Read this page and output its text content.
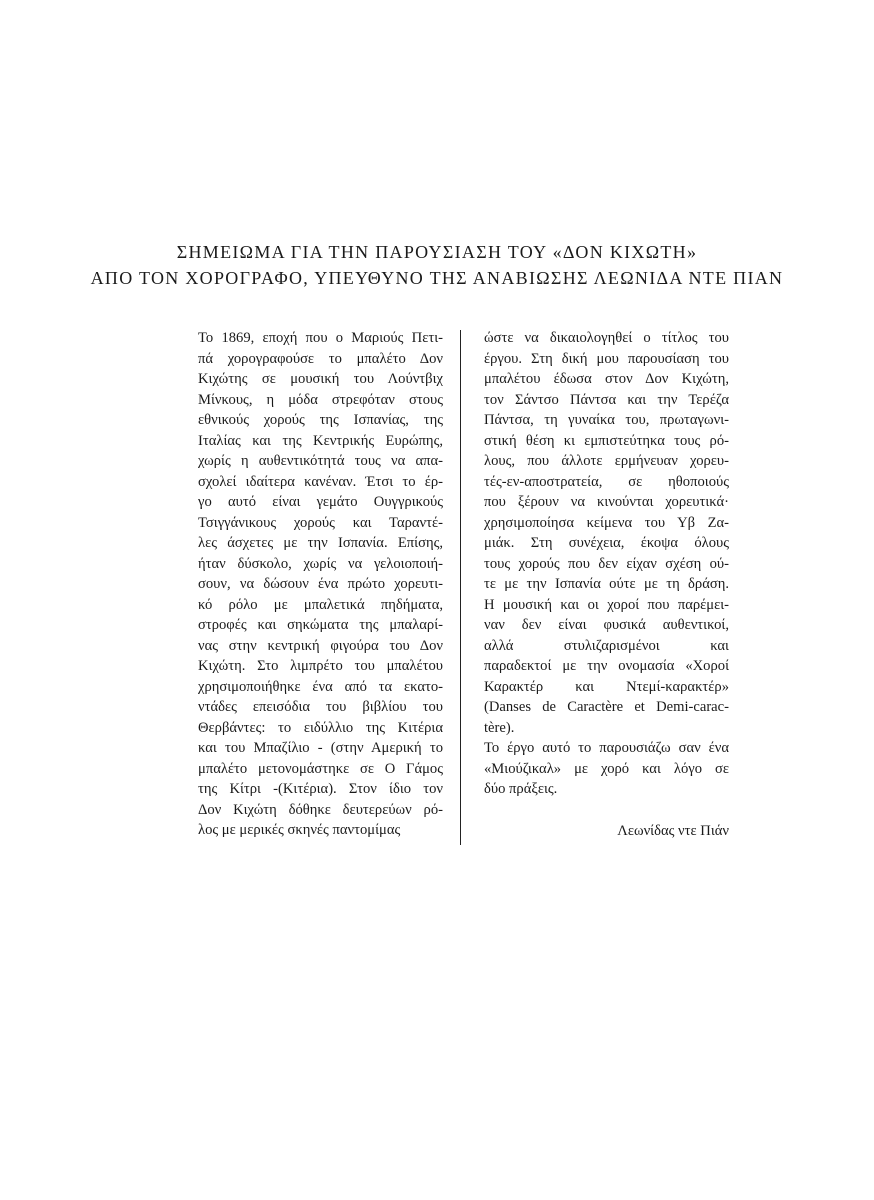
ΣΗΜΕΙΩΜΑ ΓΙΑ ΤΗΝ ΠΑΡΟΥΣΙΑΣΗ ΤΟΥ «ΔΟΝ ΚΙΧΩΤΗ»
ΑΠΟ ΤΟΝ ΧΟΡΟΓΡΑΦΟ, ΥΠΕΥΘΥΝΟ ΤΗΣ ΑΝΑΒΙΩΣΗΣ ΛΕΩΝΙΔΑ ΝΤΕ ΠΙΑΝ
Το 1869, εποχή που ο Μαριούς Πετι-
πά χορογραφούσε το μπαλέτο Δον
Κιχώτης σε μουσική του Λούντβιχ
Μίνκους, η μόδα στρεφόταν στους
εθνικούς χορούς της Ισπανίας, της
Ιταλίας και της Κεντρικής Ευρώπης,
χωρίς η αυθεντικότητά τους να απα-
σχολεί ιδαίτερα κανέναν. Έτσι το έρ-
γο αυτό είναι γεμάτο Ουγγρικούς
Τσιγγάνικους χορούς και Ταραντέ-
λες άσχετες με την Ισπανία. Επίσης,
ήταν δύσκολο, χωρίς να γελοιοποιή-
σουν, να δώσουν ένα πρώτο χορευτι-
κό ρόλο με μπαλετικά πηδήματα,
στροφές και σηκώματα της μπαλαρί-
νας στην κεντρική φιγούρα του Δον
Κιχώτη. Στο λιμπρέτο του μπαλέτου
χρησιμοποιήθηκε ένα από τα εκατο-
ντάδες επεισόδια του βιβλίου του
Θερβάντες: το ειδύλλιο της Κιτέρια
και του Μπαζίλιο - (στην Αμερική το
μπαλέτο μετονομάστηκε σε Ο Γάμος
της Κίτρι -(Κιτέρια). Στον ίδιο τον
Δον Κιχώτη δόθηκε δευτερεύων ρό-
λος με μερικές σκηνές παντομίμας
ώστε να δικαιολογηθεί ο τίτλος του
έργου. Στη δική μου παρουσίαση του
μπαλέτου έδωσα στον Δον Κιχώτη,
τον Σάντσο Πάντσα και την Τερέζα
Πάντσα, τη γυναίκα του, πρωταγωνι-
στική θέση κι εμπιστεύτηκα τους ρό-
λους, που άλλοτε ερμήνευαν χορευ-
τές-εν-αποστρατεία, σε ηθοποιούς
που ξέρουν να κινούνται χορευτικά·
χρησιμοποίησα κείμενα του Υβ Ζα-
μιάκ. Στη συνέχεια, έκοψα όλους
τους χορούς που δεν είχαν σχέση ού-
τε με την Ισπανία ούτε με τη δράση.
Η μουσική και οι χοροί που παρέμει-
ναν δεν είναι φυσικά αυθεντικοί,
αλλά στυλιζαρισμένοι και
παραδεκτοί με την ονομασία «Χοροί
Καρακτέρ και Ντεμί-καρακτέρ»
(Danses de Caractère et Demi-carac-
tère).
Το έργο αυτό το παρουσιάζω σαν ένα
«Μιούζικαλ» με χορό και λόγο σε
δύο πράξεις.
Λεωνίδας ντε Πιάν
